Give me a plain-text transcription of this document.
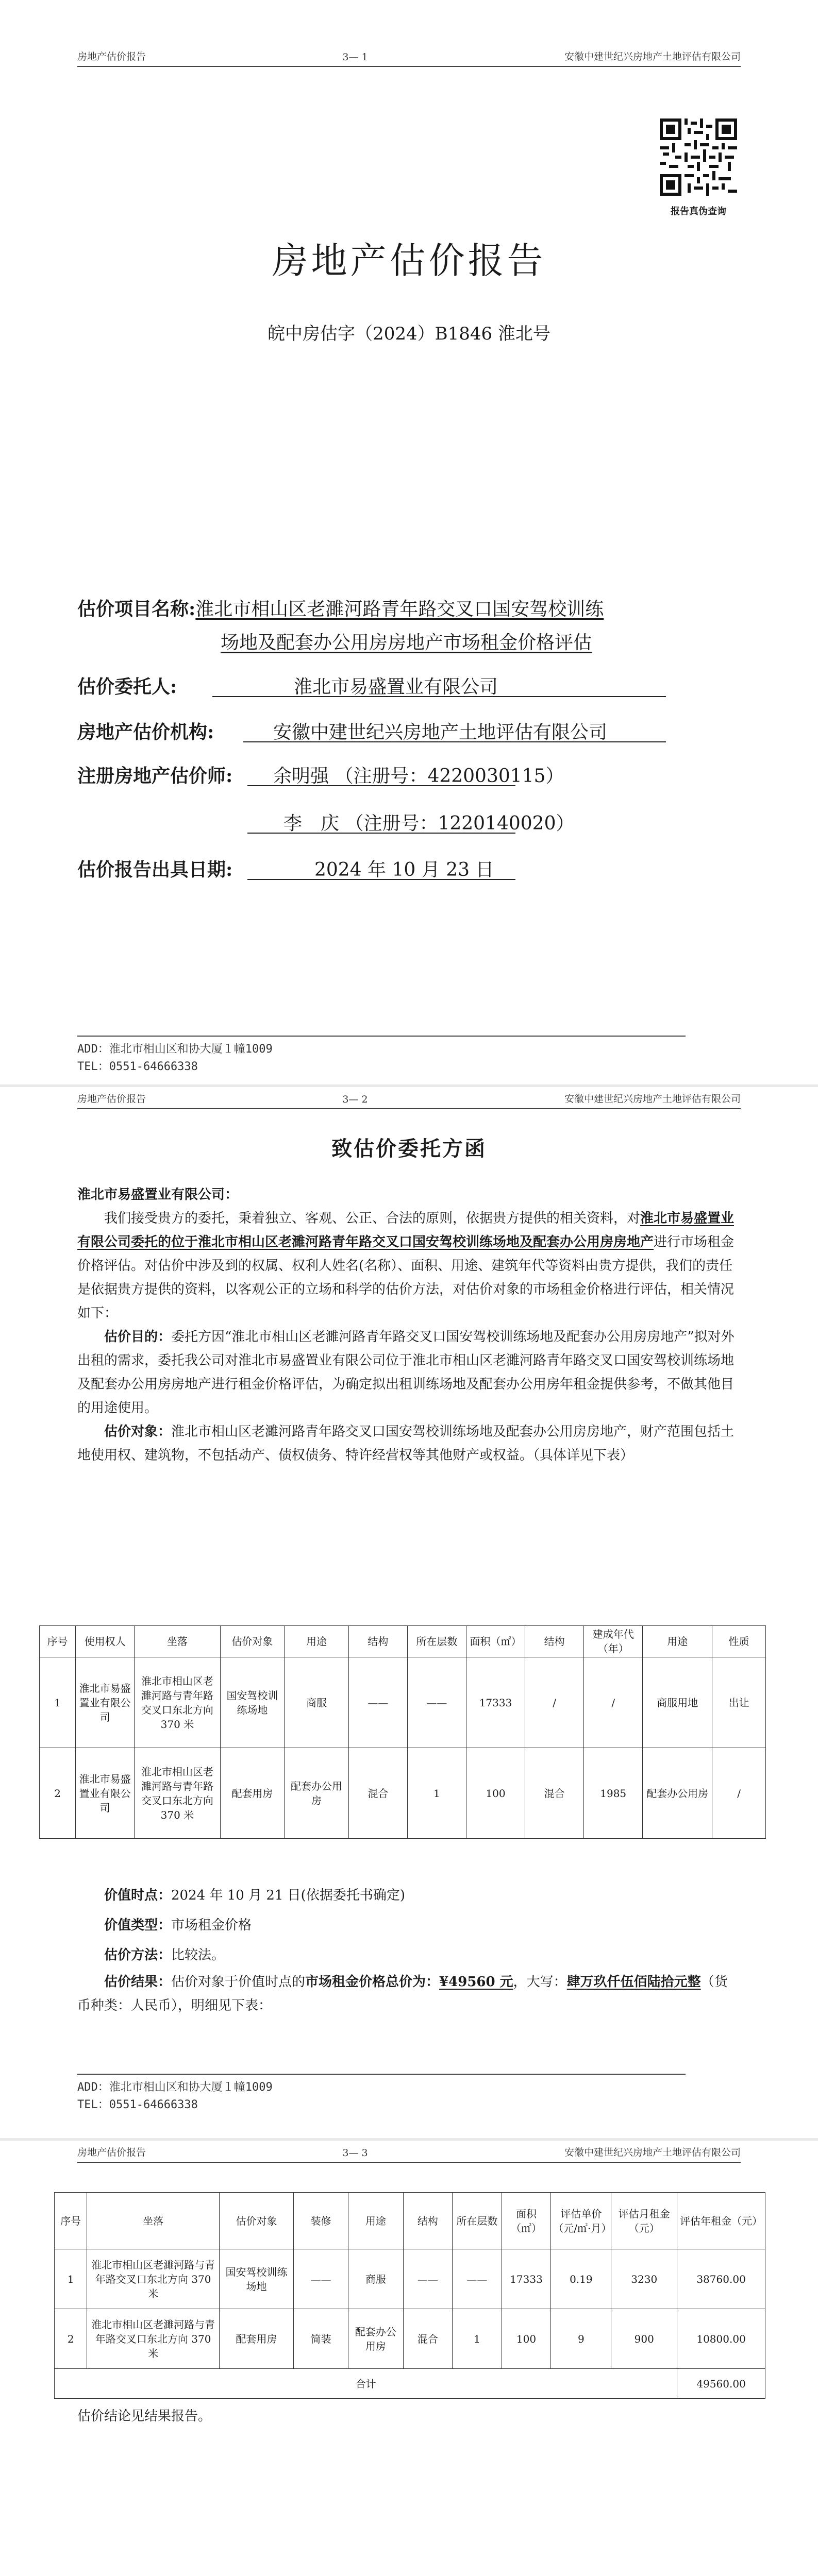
房地产估价报告	3— 1	安徽中建世纪兴房地产土地评估有限公司
报告真伪查询
房地产估价报告
皖中房估字（2024）B1846 淮北号
估价项目名称:淮北市相山区老濉河路青年路交叉口国安驾校训练
场地及配套办公用房房地产市场租金价格评估
估价委托人:	淮北市易盛置业有限公司
房地产估价机构:	安徽中建世纪兴房地产土地评估有限公司
注册房地产估价师: 余明强 （注册号：4220030115）
李　庆 （注册号：1220140020）
估价报告出具日期:	2024 年 10 月 23 日
ADD：淮北市相山区和协大厦１幢1009
TEL：0551-64666338
房地产估价报告	3— 2	安徽中建世纪兴房地产土地评估有限公司
致估价委托方函
淮北市易盛置业有限公司：
我们接受贵方的委托，秉着独立、客观、公正、合法的原则，依据贵方提供的相关资料，对淮北市易盛置业有限公司委托的位于淮北市相山区老濉河路青年路交叉口国安驾校训练场地及配套办公用房房地产进行市场租金价格评估。对估价中涉及到的权属、权利人姓名(名称）、面积、用途、建筑年代等资料由贵方提供，我们的责任是依据贵方提供的资料，以客观公正的立场和科学的估价方法，对估价对象的市场租金价格进行评估，相关情况如下：
估价目的：委托方因“淮北市相山区老濉河路青年路交叉口国安驾校训练场地及配套办公用房房地产”拟对外出租的需求，委托我公司对淮北市易盛置业有限公司位于淮北市相山区老濉河路青年路交叉口国安驾校训练场地及配套办公用房房地产进行租金价格评估，为确定拟出租训练场地及配套办公用房年租金提供参考，不做其他目的用途使用。
估价对象：淮北市相山区老濉河路青年路交叉口国安驾校训练场地及配套办公用房房地产，财产范围包括土地使用权、建筑物，不包括动产、债权债务、特许经营权等其他财产或权益。（具体详见下表）
序号	使用权人	坐落	估价对象	用途	结构	所在层数	面积（㎡）	结构	建成年代（年）	用途	性质
1	淮北市易盛置业有限公司	淮北市相山区老濉河路与青年路交叉口东北方向 370 米	国安驾校训练场地	商服	——	——	17333	/	/	商服用地	出让
2	淮北市易盛置业有限公司	淮北市相山区老濉河路与青年路交叉口东北方向 370 米	配套用房	配套办公用房	混合	1	100	混合	1985	配套办公用房	/
价值时点：2024 年 10 月 21 日(依据委托书确定)
价值类型：市场租金价格
估价方法：比较法。
估价结果：估价对象于价值时点的市场租金价格总价为：¥49560 元，大写：肆万玖仟伍佰陆拾元整（货币种类：人民币），明细见下表：
ADD：淮北市相山区和协大厦１幢1009
TEL：0551-64666338
房地产估价报告	3— 3	安徽中建世纪兴房地产土地评估有限公司
序号	坐落	估价对象	装修	用途	结构	所在层数	面积（㎡）	评估单价（元/㎡·月）	评估月租金（元）	评估年租金（元）
1	淮北市相山区老濉河路与青年路交叉口东北方向 370 米	国安驾校训练场地	——	商服	——	——	17333	0.19	3230	38760.00
2	淮北市相山区老濉河路与青年路交叉口东北方向 370 米	配套用房	简装	配套办公用房	混合	1	100	9	900	10800.00
合计										49560.00
估价结论见结果报告。
